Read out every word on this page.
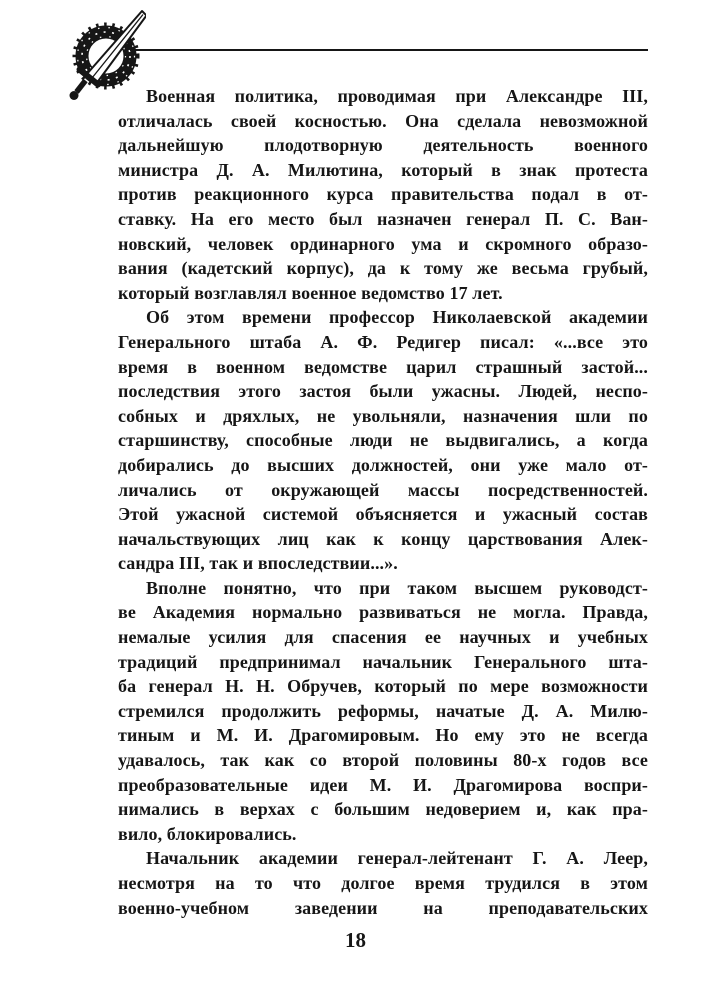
Военная политика, проводимая при Александре III,
отличалась своей косностью. Она сделала невозможной
дальнейшую плодотворную деятельность военного
министра Д. А. Милютина, который в знак протеста
против реакционного курса правительства подал в от-
ставку. На его место был назначен генерал П. С. Ван-
новский, человек ординарного ума и скромного образо-
вания (кадетский корпус), да к тому же весьма грубый,
который возглавлял военное ведомство 17 лет.
Об этом времени профессор Николаевской академии
Генерального штаба А. Ф. Редигер писал: «...все это
время в военном ведомстве царил страшный застой...
последствия этого застоя были ужасны. Людей, неспо-
собных и дряхлых, не увольняли, назначения шли по
старшинству, способные люди не выдвигались, а когда
добирались до высших должностей, они уже мало от-
личались от окружающей массы посредственностей.
Этой ужасной системой объясняется и ужасный состав
начальствующих лиц как к концу царствования Алек-
сандра III, так и впоследствии...».
Вполне понятно, что при таком высшем руководст-
ве Академия нормально развиваться не могла. Правда,
немалые усилия для спасения ее научных и учебных
традиций предпринимал начальник Генерального шта-
ба генерал Н. Н. Обручев, который по мере возможности
стремился продолжить реформы, начатые Д. А. Милю-
тиным и М. И. Драгомировым. Но ему это не всегда
удавалось, так как со второй половины 80-х годов все
преобразовательные идеи М. И. Драгомирова воспри-
нимались в верхах с большим недоверием и, как пра-
вило, блокировались.
Начальник академии генерал-лейтенант Г. А. Леер,
несмотря на то что долгое время трудился в этом
военно-учебном заведении на преподавательских
18
